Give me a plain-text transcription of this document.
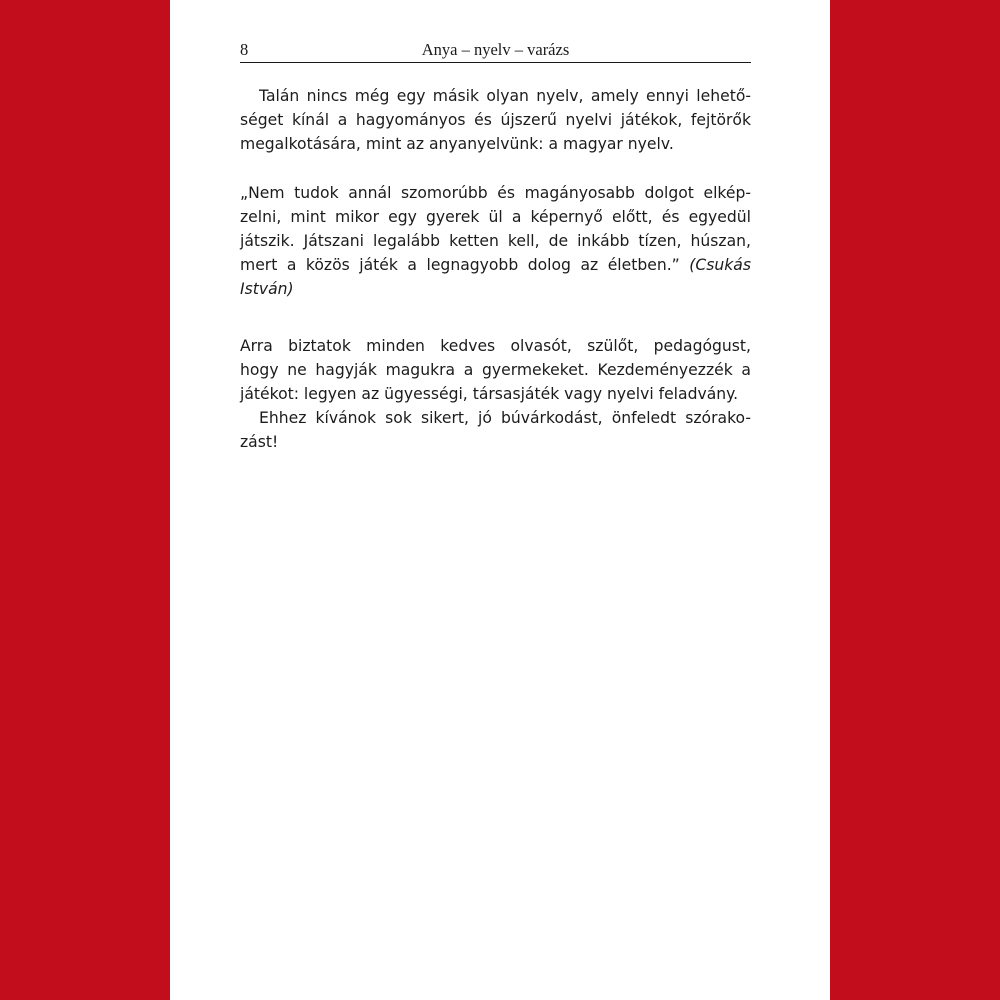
8	Anya – nyelv – varázs
Talán nincs még egy másik olyan nyelv, amely ennyi lehető-
séget kínál a hagyományos és újszerű nyelvi játékok, fejtörők
megalkotására, mint az anyanyelvünk: a magyar nyelv.
„Nem tudok annál szomorúbb és magányosabb dolgot elkép-
zelni, mint mikor egy gyerek ül a képernyő előtt, és egyedül
játszik. Játszani legalább ketten kell, de inkább tízen, húszan,
mert a közös játék a legnagyobb dolog az életben.” (Csukás
István)
Arra biztatok minden kedves olvasót, szülőt, pedagógust,
hogy ne hagyják magukra a gyermekeket. Kezdeményezzék a
játékot: legyen az ügyességi, társasjáték vagy nyelvi feladvány.
Ehhez kívánok sok sikert, jó búvárkodást, önfeledt szórako-
zást!
